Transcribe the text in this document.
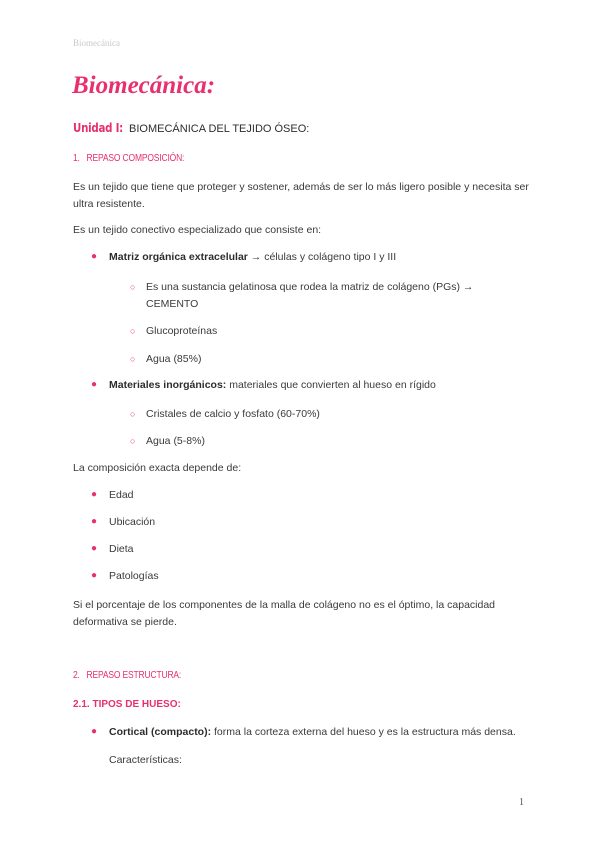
Biomecánica
Biomecánica:
Unidad I: BIOMECÁNICA DEL TEJIDO ÓSEO:
1. REPASO COMPOSICIÓN:
Es un tejido que tiene que proteger y sostener, además de ser lo más ligero posible y necesita ser ultra resistente.
Es un tejido conectivo especializado que consiste en:
● Matriz orgánica extracelular → células y colágeno tipo I y III
○ Es una sustancia gelatinosa que rodea la matriz de colágeno (PGs) → CEMENTO
○ Glucoproteínas
○ Agua (85%)
● Materiales inorgánicos: materiales que convierten al hueso en rígido
○ Cristales de calcio y fosfato (60-70%)
○ Agua (5-8%)
La composición exacta depende de:
● Edad
● Ubicación
● Dieta
● Patologías
Si el porcentaje de los componentes de la malla de colágeno no es el óptimo, la capacidad deformativa se pierde.
2. REPASO ESTRUCTURA:
2.1. TIPOS DE HUESO:
● Cortical (compacto): forma la corteza externa del hueso y es la estructura más densa.
Características:
1
